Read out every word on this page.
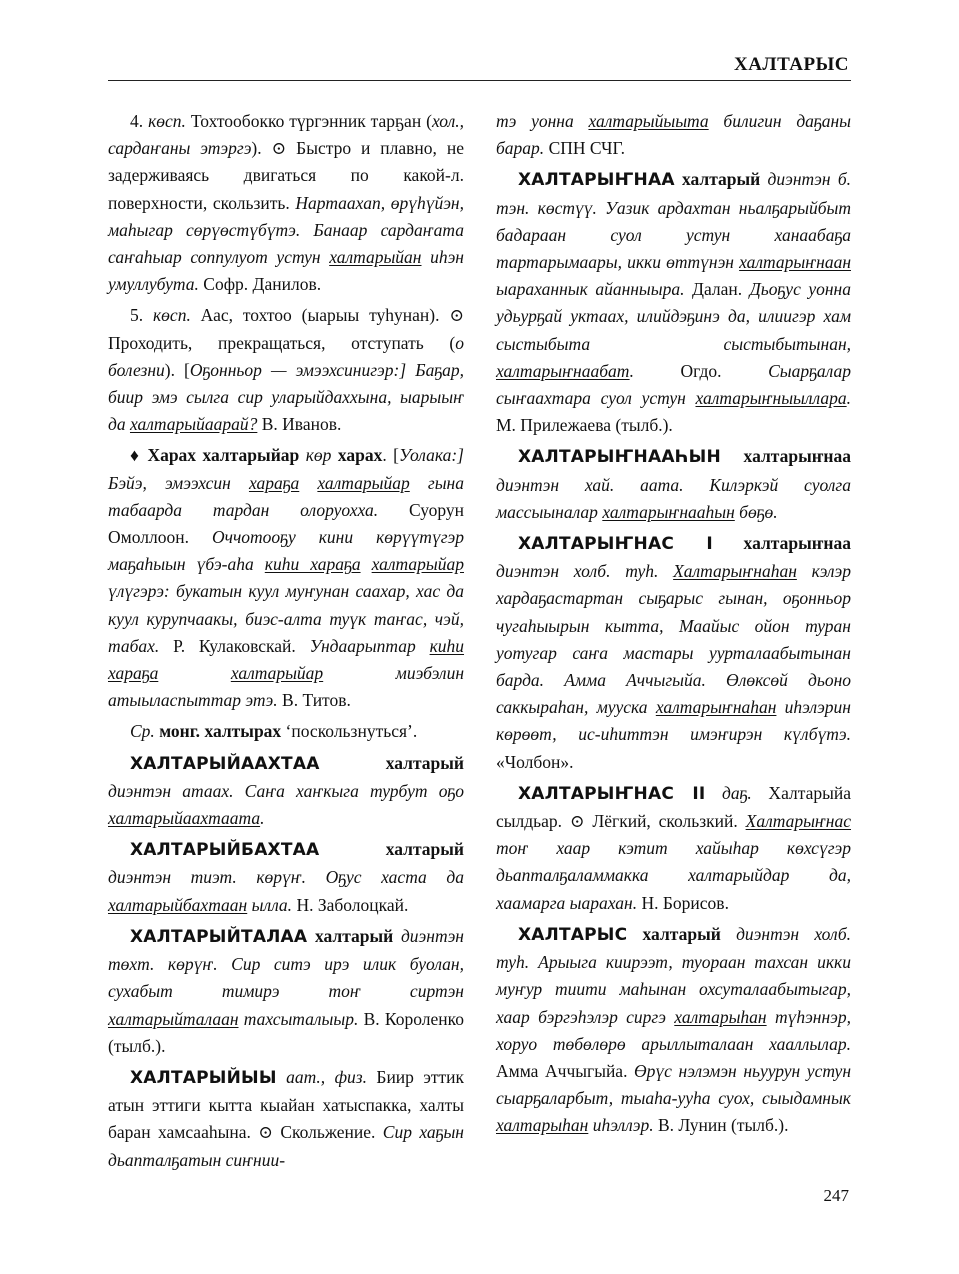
ХАЛТАРЫС

4. көсп. Тохтообокко түргэнник тарҕан (хол., сардаҥаны этэргэ). ⊙ Быстро и плавно, не задерживаясь двигаться по какой-л. поверхности, скользить. Нартаахап, өрүһүйэн, маһыгар сөрүөстүбүтэ. Банаар сардаҥата саҥаһыар соппулуот устун халтарыйан иһэн умуллубута. Софр. Данилов.

5. көсп. Аас, тохтоо (ыарыы туһунан). ⊙ Проходить, прекращаться, отступать (о болезни). [Оҕонньор — эмээхсинигэр:] Баҕар, биир эмэ сылга сир уларыйдаххына, ыарыыҥ да халтарыйаарай? В. Иванов.

♦ Харах халтарыйар көр харах. [Уолака:] Бэйэ, эмээхсин хараҕа халтарыйар гына табаарда тардан олоруохха. Суорун Омоллоон. Оччотооҕу кини көрүүтүгэр маҕаһыын үбэ-аһа киһи хараҕа халтарыйар үлүгэрэ: букатын куул муҥунан саахар, хас да куул курупчаакы, биэс-алта туүк таҥас, чэй, табах. Р. Кулаковскай. Ундаарыптар киһи хараҕа	халтарыйар миэбэлин атыыласпыттар этэ. В. Титов.

Ср. монг. халтырах ‘поскользнуться’.

ХАЛТАРЫЙААХТАА халтарый диэнтэн атаах. Саҥа хаҥкыга турбут оҕо халтарыйаахтаата.

ХАЛТАРЫЙБАХТАА халтарый диэнтэн тиэт. көрүҥ. Оҕус хаста да халтарыйбахтаан ылла. Н. Заболоцкай.

ХАЛТАРЫЙТАЛАА халтарый диэнтэн төхт. көрүҥ. Сир ситэ ирэ илик буолан, сухабыт тимирэ тоҥ сиртэн халтарыйталаан тахсыталыыр. В. Короленко (тылб.).

ХАЛТАРЫЙЫЫ аат., физ. Биир эттик атын эттиги кытта кыайан хатыспакка, халты баран хамсааһына. ⊙ Скольжение. Сир хаҕын дьапталҕатын сиҥнии-

тэ уонна халтарыйыыта билигин даҕаны барар. СПН СЧГ.

ХАЛТАРЫҤНАА халтарый диэнтэн б. тэн. көстүү. Уазик ардахтан ньалҕарыйбыт бадараан суол устун ханаабаҕа тартарымаары, икки өттүнэн халтарыҥнаан ыараханнык айанныыра. Далан. Дьоҕус уонна удьурҕай уктаах, илийдэҕинэ да, илиигэр хам сыстыбыта сыстыбытынан, халтарыҥнаабат. Огдо. Сыарҕалар сыҥаахтара суол устун халтарыҥныыллара. М. Прилежаева (тылб.).

ХАЛТАРЫҤНААҺЫН халтарыҥнаа диэнтэн хай. аата. Килэркэй суолга массыыналар халтарыҥнааһын бөҕө.

ХАЛТАРЫҤНАС I халтарыҥнаа диэнтэн холб. туһ. Халтарыҥнаһан кэлэр хардаҕастартан сыҕарыс гынан, оҕонньор чугаһыырын кытта, Маайыс ойон туран уотугар саҥа мастары уурталаабытынан барда. Амма Аччыгыйа. Өлөксөй дьоно саккыраһан, мууска халтарыҥнаһан иһэлэрин көрөөт, ис-иһиттэн имэҥирэн күлбүтэ. «Чолбон».

ХАЛТАРЫҤНАС II даҕ. Халтарыйа сылдьар. ⊙ Лёгкий, скользкий. Халтарыҥнас тоҥ хаар кэтит хайыһар көхсүгэр дьапталҕаламмакка халтарыйдар да, хаамарга ыарахан. Н. Борисов.

ХАЛТАРЫС халтарый диэнтэн холб. туһ. Арыыга киирээт, туораан тахсан икки муҥур тиити маһынан охсуталаабытыгар, хаар бэргэһэлэр сиргэ халтарыһан түһэннэр, хоруо төбөлөрө арыллыталаан хааллылар. Амма Аччыгыйа. Өрүс нэлэмэн ньуурун устун сыарҕаларбыт, тыаһа-ууһа суох, сыыдамнык халтарыһан иһэллэр. В. Лунин (тылб.).

247
